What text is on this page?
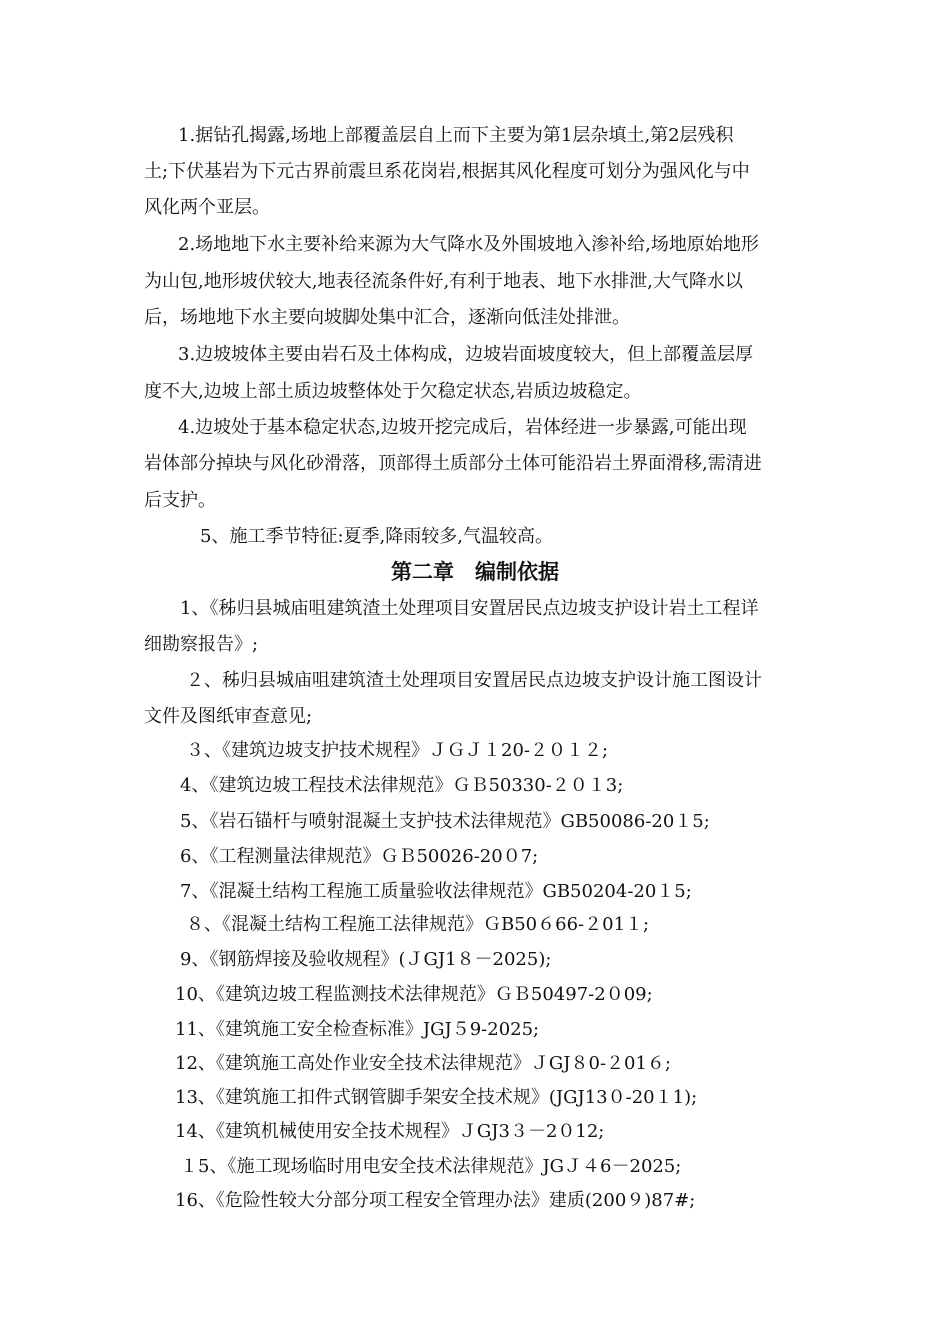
1.据钻孔揭露,场地上部覆盖层自上而下主要为第1层杂填土,第2层残积
土;下伏基岩为下元古界前震旦系花岗岩,根据其风化程度可划分为强风化与中
风化两个亚层。
2.场地地下水主要补给来源为大气降水及外围坡地入渗补给,场地原始地形
为山包,地形坡伏较大,地表径流条件好,有利于地表、地下水排泄,大气降水以
后，场地地下水主要向坡脚处集中汇合，逐渐向低洼处排泄。
3.边坡坡体主要由岩石及土体构成，边坡岩面坡度较大，但上部覆盖层厚
度不大,边坡上部土质边坡整体处于欠稳定状态,岩质边坡稳定。
4.边坡处于基本稳定状态,边坡开挖完成后，岩体经进一步暴露,可能出现
岩体部分掉块与风化砂滑落，顶部得土质部分土体可能沿岩土界面滑移,需清进
后支护。
5、施工季节特征:夏季,降雨较多,气温较高。
第二章　编制依据
1、《秭归县城庙咀建筑渣土处理项目安置居民点边坡支护设计岩土工程详
细勘察报告》;
２、秭归县城庙咀建筑渣土处理项目安置居民点边坡支护设计施工图设计
文件及图纸审查意见;
３、《建筑边坡支护技术规程》ＪＧＪ１20-２０１２;
4、《建筑边坡工程技术法律规范》ＧＢ50330-２０１3;
5、《岩石锚杆与喷射混凝土支护技术法律规范》GB50086-20１5;
6、《工程测量法律规范》ＧＢ50026-20０7;
7、《混凝土结构工程施工质量验收法律规范》GB50204-20１5;
８、《混凝土结构工程施工法律规范》ＧB50６66-２01１;
9、《钢筋焊接及验收规程》(ＪGJ1８－2025);
10、《建筑边坡工程监测技术法律规范》ＧＢ50497-2０09;
11、《建筑施工安全检查标准》JGJ５9-2025;
12、《建筑施工高处作业安全技术法律规范》ＪGJ８0-２01６;
13、《建筑施工扣件式钢管脚手架安全技术规》(JGJ13０-20１1);
14、《建筑机械使用安全技术规程》ＪGJ3３－2０12;
１5、《施工现场临时用电安全技术法律规范》JGＪ４6－2025;
16、《危险性较大分部分项工程安全管理办法》建质(200９)87#;
